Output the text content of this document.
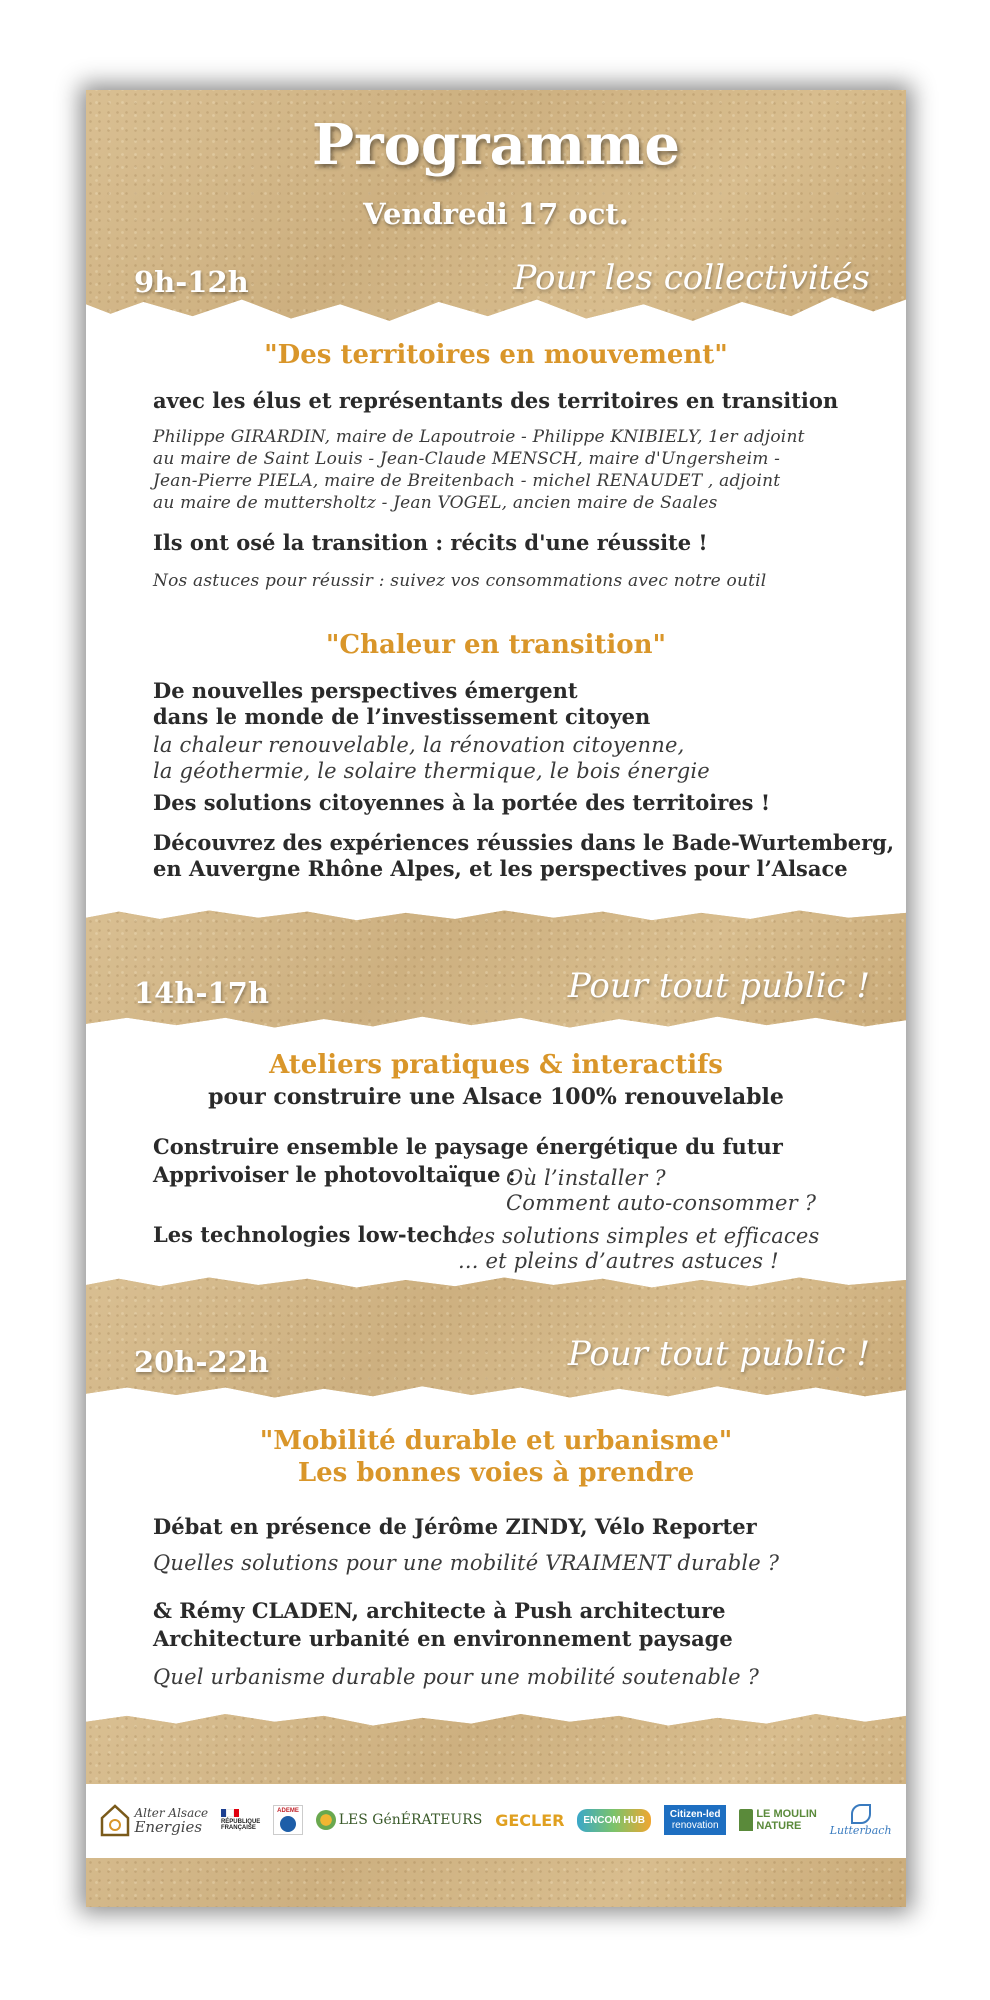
Programme
Vendredi 17 oct.
9h-12h	Pour les collectivités
"Des territoires en mouvement"
avec les élus et représentants des territoires en transition
Philippe GIRARDIN, maire de Lapoutroie - Philippe KNIBIELY, 1er adjoint
au maire de Saint Louis - Jean-Claude MENSCH, maire d'Ungersheim -
Jean-Pierre PIELA, maire de Breitenbach - michel RENAUDET , adjoint
au maire de muttersholtz - Jean VOGEL, ancien maire de Saales
Ils ont osé la transition : récits d'une réussite !
Nos astuces pour réussir : suivez vos consommations avec notre outil
"Chaleur en transition"
De nouvelles perspectives émergent
dans le monde de l’investissement citoyen
la chaleur renouvelable, la rénovation citoyenne,
la géothermie, le solaire thermique, le bois énergie
Des solutions citoyennes à la portée des territoires !
Découvrez des expériences réussies dans le Bade-Wurtemberg,
en Auvergne Rhône Alpes, et les perspectives pour l’Alsace
14h-17h	Pour tout public !
Ateliers pratiques & interactifs
pour construire une Alsace 100% renouvelable
Construire ensemble le paysage énergétique du futur
Apprivoiser le photovoltaïque :
Où l’installer ?
Comment auto-consommer ?
Les technologies low-tech :
des solutions simples et efficaces
... et pleins d’autres astuces !
20h-22h	Pour tout public !
"Mobilité durable et urbanisme"
Les bonnes voies à prendre
Débat en présence de Jérôme ZINDY, Vélo Reporter
Quelles solutions pour une mobilité VRAIMENT durable ?
& Rémy CLADEN, architecte à Push architecture
Architecture urbanité en environnement paysage
Quel urbanisme durable pour une mobilité soutenable ?
Alter Alsace
Energies	RÉPUBLIQUE
FRANÇAISE
ADEME
LES GénÉRATEURS GECLER ENCOM HUB Citizen-led
renovation
LE MOULIN
NATURE	Lutterbach
